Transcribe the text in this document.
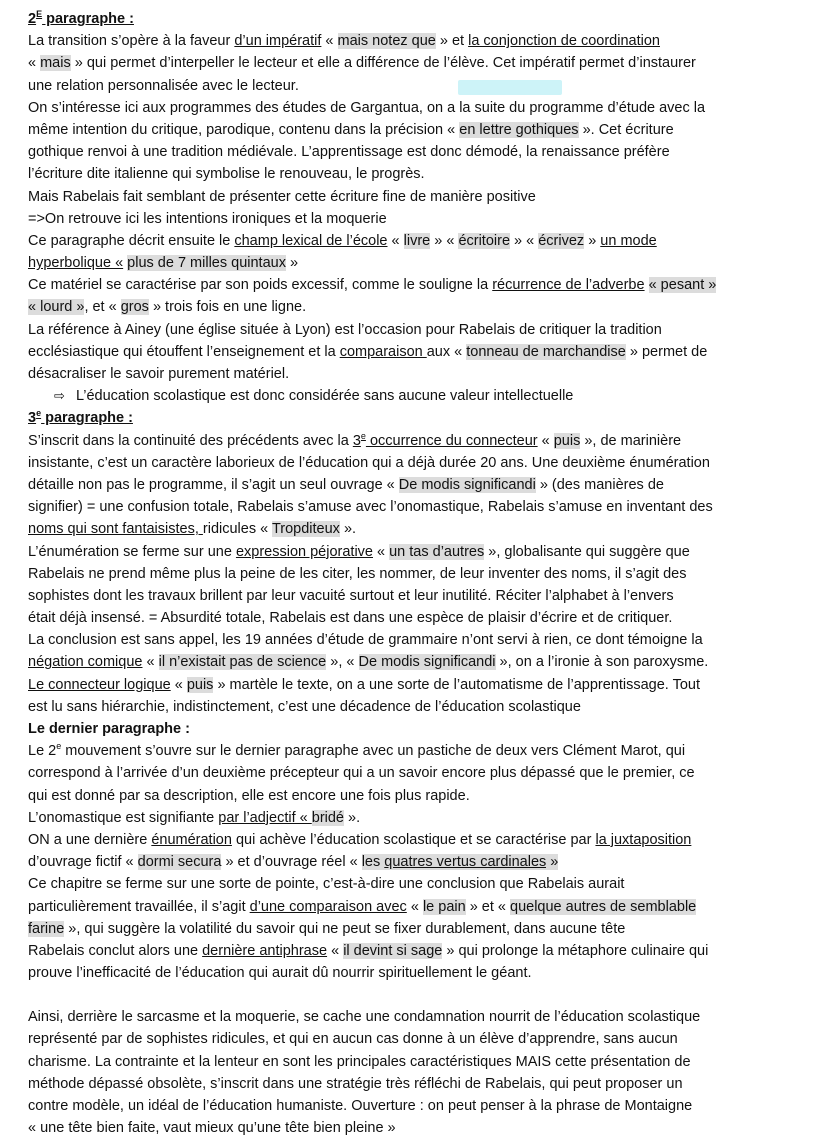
$2^E$ paragraphe :
La transition s’opère à la faveur d’un impératif « mais notez que » et la conjonction de coordination
« mais » qui permet d’interpeller le lecteur et elle a différence de l’élève. Cet impératif permet d’instaurer
une relation personnalisée avec le lecteur.
On s’intéresse ici aux programmes des études de Gargantua, on a la suite du programme d’étude avec la
même intention du critique, parodique, contenu dans la précision « en lettre gothiques ». Cet écriture
gothique renvoi à une tradition médiévale. L’apprentissage est donc démodé, la renaissance préfère
l’écriture dite italienne qui symbolise le renouveau, le progrès.
Mais Rabelais fait semblant de présenter cette écriture fine de manière positive
=>On retrouve ici les intentions ironiques et la moquerie
Ce paragraphe décrit ensuite le champ lexical de l’école « livre » « écritoire » « écrivez » un mode
hyperbolique « plus de 7 milles quintaux »
Ce matériel se caractérise par son poids excessif, comme le souligne la récurrence de l’adverbe « pesant »
« lourd », et « gros » trois fois en une ligne.
La référence à Ainey (une église située à Lyon) est l’occasion pour Rabelais de critiquer la tradition
ecclésiastique qui étouffent l’enseignement et la comparaison aux « tonneau de marchandise » permet de
désacraliser le savoir purement matériel.
⇨ L’éducation scolastique est donc considérée sans aucune valeur intellectuelle
3e paragraphe :
S’inscrit dans la continuité des précédents avec la 3e occurrence du connecteur « puis », de marinière
insistante, c’est un caractère laborieux de l’éducation qui a déjà durée 20 ans. Une deuxième énumération
détaille non pas le programme, il s’agit un seul ouvrage « De modis significandi » (des manières de
signifier) = une confusion totale, Rabelais s’amuse avec l’onomastique, Rabelais s’amuse en inventant des
noms qui sont fantaisistes, ridicules « Tropditeux ».
L’énumération se ferme sur une expression péjorative « un tas d’autres », globalisante qui suggère que
Rabelais ne prend même plus la peine de les citer, les nommer, de leur inventer des noms, il s’agit des
sophistes dont les travaux brillent par leur vacuité surtout et leur inutilité. Réciter l’alphabet à l’envers
était déjà insensé. = Absurdité totale, Rabelais est dans une espèce de plaisir d’écrire et de critiquer.
La conclusion est sans appel, les 19 années d’étude de grammaire n’ont servi à rien, ce dont témoigne la
négation comique « il n’existait pas de science », « De modis significandi », on a l’ironie à son paroxysme.
Le connecteur logique « puis » martèle le texte, on a une sorte de l’automatisme de l’apprentissage. Tout
est lu sans hiérarchie, indistinctement, c’est une décadence de l’éducation scolastique
Le dernier paragraphe :
Le 2e mouvement s’ouvre sur le dernier paragraphe avec un pastiche de deux vers Clément Marot, qui
correspond à l’arrivée d’un deuxième précepteur qui a un savoir encore plus dépassé que le premier, ce
qui est donné par sa description, elle est encore une fois plus rapide.
L’onomastique est signifiante par l’adjectif « bridé ».
ON a une dernière énumération qui achève l’éducation scolastique et se caractérise par la juxtaposition
d’ouvrage fictif « dormi secura » et d’ouvrage réel « les quatres vertus cardinales »
Ce chapitre se ferme sur une sorte de pointe, c’est-à-dire une conclusion que Rabelais aurait
particulièrement travaillée, il s’agit d’une comparaison avec « le pain » et « quelque autres de semblable
farine », qui suggère la volatilité du savoir qui ne peut se fixer durablement, dans aucune tête
Rabelais conclut alors une dernière antiphrase « il devint si sage » qui prolonge la métaphore culinaire qui
prouve l’inefficacité de l’éducation qui aurait dû nourrir spirituellement le géant.
Ainsi, derrière le sarcasme et la moquerie, se cache une condamnation nourrit de l’éducation scolastique
représenté par de sophistes ridicules, et qui en aucun cas donne à un élève d’apprendre, sans aucun
charisme. La contrainte et la lenteur en sont les principales caractéristiques MAIS cette présentation de
méthode dépassé obsolète, s’inscrit dans une stratégie très réfléchi de Rabelais, qui peut proposer un
contre modèle, un idéal de l’éducation humaniste. Ouverture : on peut penser à la phrase de Montaigne
« une tête bien faite, vaut mieux qu’une tête bien pleine »
